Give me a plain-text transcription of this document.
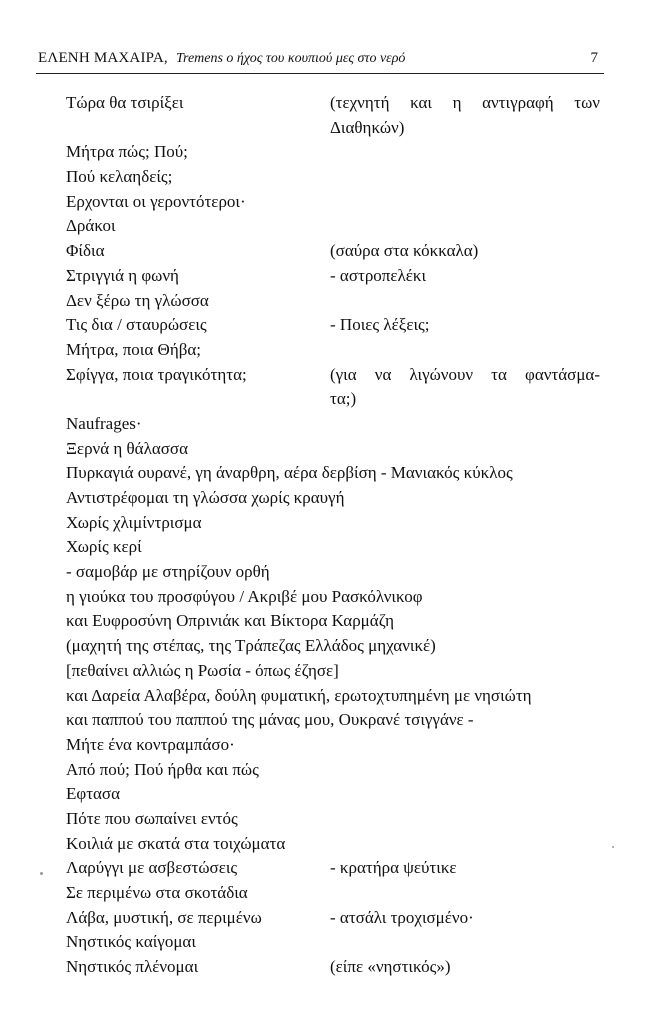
ΕΛΕΝΗ ΜΑΧΑΙΡΑ, Tremens ο ήχος του κουπιού μες στο νερό	7
Τώρα θα τσιρίξει	(τεχνητή και η αντιγραφή των
Διαθηκών)
Μήτρα πώς; Πού;
Πού κελαηδείς;
Ερχονται οι γεροντότεροι·
Δράκοι
Φίδια	(σαύρα στα κόκκαλα)
Στριγγιά η φωνή	- αστροπελέκι
Δεν ξέρω τη γλώσσα
Τις δια / σταυρώσεις	- Ποιες λέξεις;
Μήτρα, ποια Θήβα;
Σφίγγα, ποια τραγικότητα;	(για να λιγώνουν τα φαντάσμα-
τα;)
Naufrages·
Ξερνά η θάλασσα
Πυρκαγιά ουρανέ, γη άναρθρη, αέρα δερβίση - Μανιακός κύκλος
Αντιστρέφομαι τη γλώσσα χωρίς κραυγή
Χωρίς χλιμίντρισμα
Χωρίς κερί
- σαμοβάρ με στηρίζουν ορθή
η γιούκα του προσφύγου / Ακριβέ μου Ρασκόλνικοφ
και Ευφροσύνη Οπρινιάκ και Βίκτορα Καρμάζη
(μαχητή της στέπας, της Τράπεζας Ελλάδος μηχανικέ)
[πεθαίνει αλλιώς η Ρωσία - όπως έζησε]
και Δαρεία Αλαβέρα, δούλη φυματική, ερωτοχτυπημένη με νησιώτη
και παππού του παππού της μάνας μου, Ουκρανέ τσιγγάνε -
Μήτε ένα κοντραμπάσο·
Από πού; Πού ήρθα και πώς
Εφτασα
Πότε που σωπαίνει εντός
Κοιλιά με σκατά στα τοιχώματα
Λαρύγγι με ασβεστώσεις	- κρατήρα ψεύτικε
Σε περιμένω στα σκοτάδια
Λάβα, μυστική, σε περιμένω	- ατσάλι τροχισμένο·
Νηστικός καίγομαι
Νηστικός πλένομαι	(είπε «νηστικός»)
